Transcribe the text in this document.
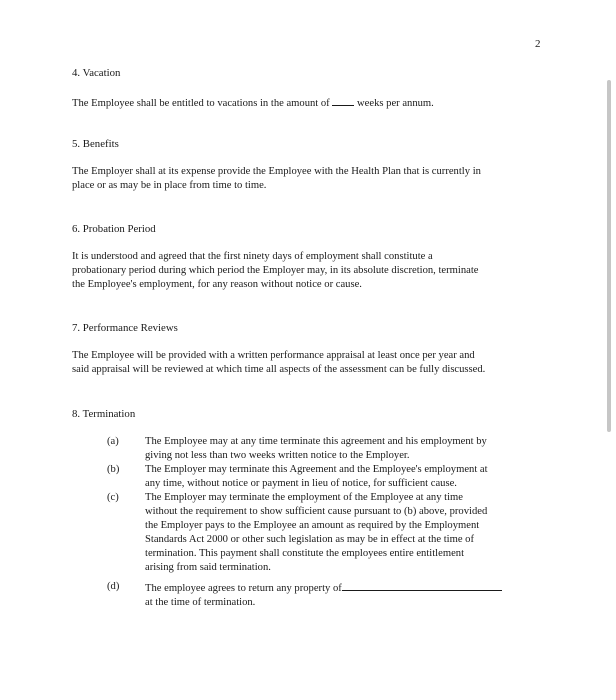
2
4. Vacation

The Employee shall be entitled to vacations in the amount of	weeks per annum.

5. Benefits

The Employer shall at its expense provide the Employee with the Health Plan that is currently in
place or as may be in place from time to time.

6. Probation Period

It is understood and agreed that the first ninety days of employment shall constitute a
probationary period during which period the Employer may, in its absolute discretion, terminate
the Employee's employment, for any reason without notice or cause.

7. Performance Reviews

The Employee will be provided with a written performance appraisal at least once per year and
said appraisal will be reviewed at which time all aspects of the assessment can be fully discussed.

8. Termination
(a) The Employee may at any time terminate this agreement and his employment by
giving not less than two weeks written notice to the Employer.
(b) The Employer may terminate this Agreement and the Employee's employment at
any time, without notice or payment in lieu of notice, for sufficient cause.
(c) The Employer may terminate the employment of the Employee at any time
without the requirement to show sufficient cause pursuant to (b) above, provided
the Employer pays to the Employee an amount as required by the Employment
Standards Act 2000 or other such legislation as may be in effect at the time of
termination. This payment shall constitute the employees entire entitlement
arising from said termination.
(d) The employee agrees to return any property of
at the time of termination.
